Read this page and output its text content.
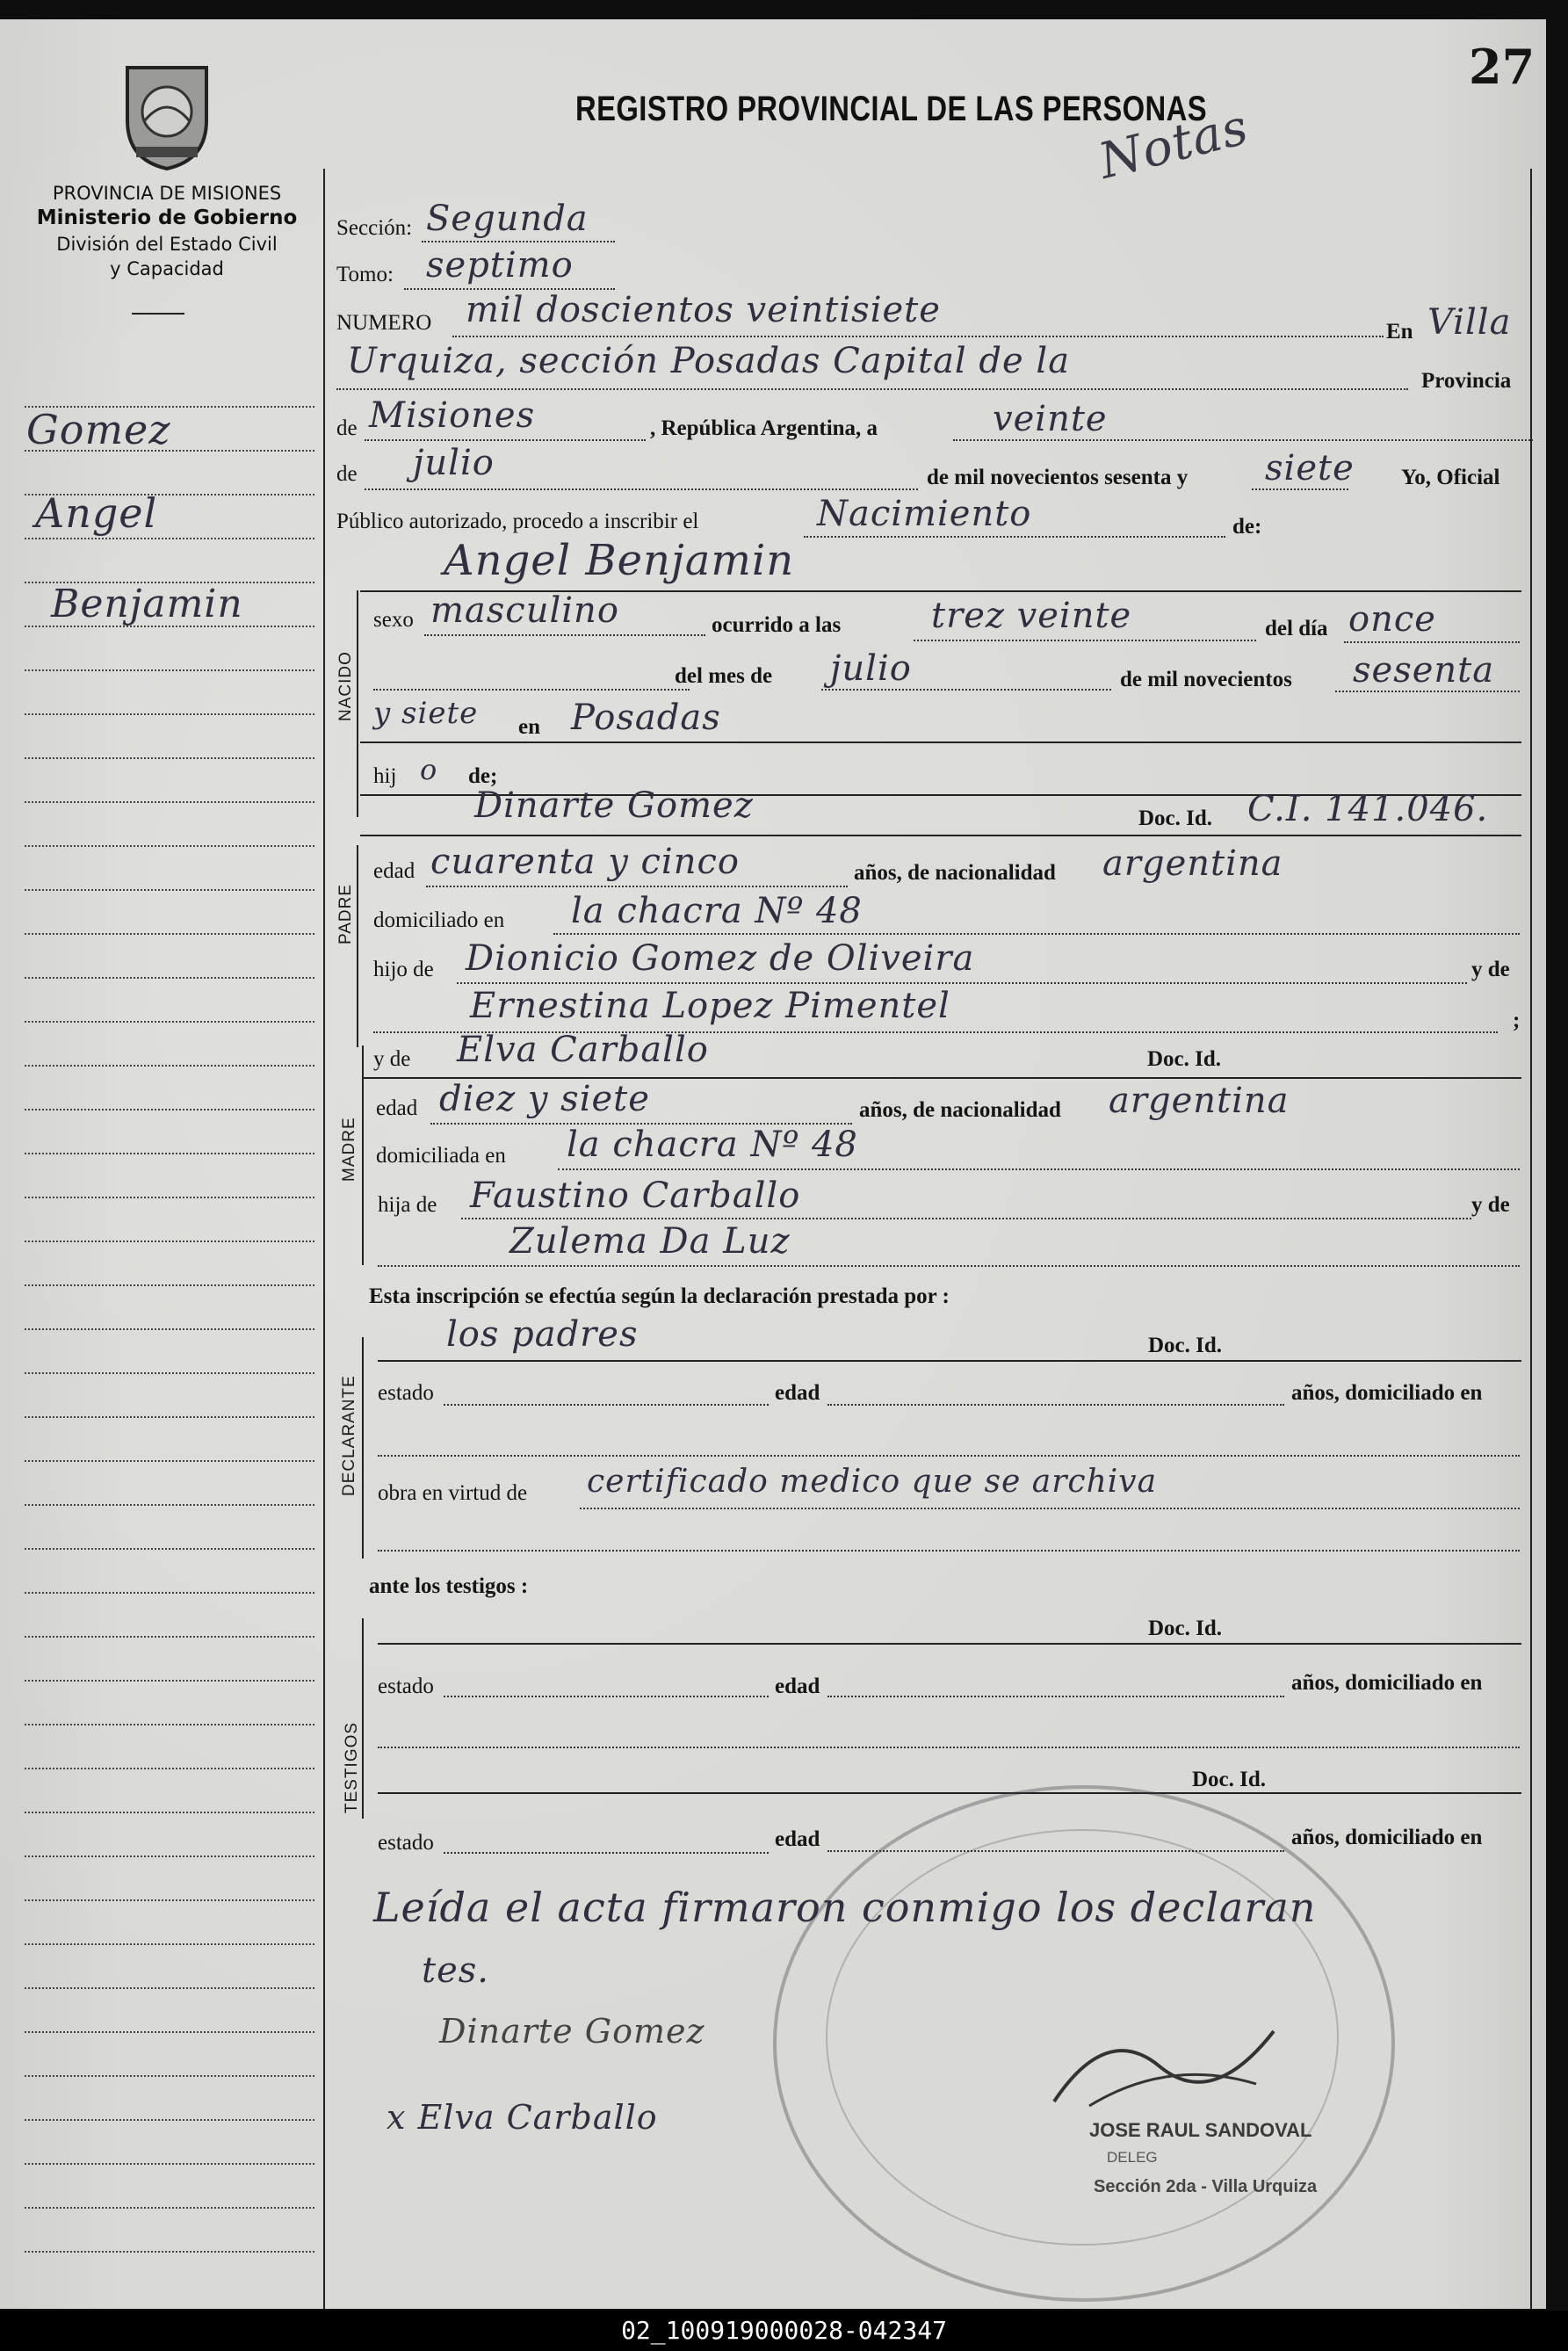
PROVINCIA DE MISIONES
Ministerio de Gobierno
División del Estado Civil
y Capacidad
Gomez
Angel
Benjamin
REGISTRO PROVINCIAL DE LAS PERSONAS
27
Notas
Sección: Segunda
Tomo: septimo
NUMERO mil doscientos veintisiete
En Villa
Urquiza, sección Posadas Capital de la	Provincia
de Misiones	, República Argentina, a	veinte
de julio	de mil novecientos sesenta y siete Yo, Oficial
Público autorizado, procedo a inscribir el	Nacimiento	de:
Angel Benjamin
NACIDO
sexo masculino	ocurrido a las	trez veinte	del día once
del mes de julio	de mil novecientos sesenta
y siete en Posadas
hij o de;
PADRE
Dinarte Gomez	Doc. Id. C.I. 141.046.
edad cuarenta y cinco	años, de nacionalidad argentina
domiciliado en la chacra Nº 48
hijo de Dionicio Gomez de Oliveira	y de
Ernestina Lopez Pimentel	;
MADRE
y de Elva Carballo	Doc. Id.
edad diez y siete	años, de nacionalidad argentina
domiciliada en la chacra Nº 48
hija de Faustino Carballo	y de
Zulema Da Luz
Esta inscripción se efectúa según la declaración prestada por :
DECLARANTE
los padres	Doc. Id.
estado	edad	años, domiciliado en
obra en virtud de certificado medico que se archiva
ante los testigos :
TESTIGOS
Doc. Id.
estado	edad	años, domiciliado en
Doc. Id.
estado	edad	años, domiciliado en
Leída el acta firmaron conmigo los declaran
tes.
Dinarte Gomez
x Elva Carballo	JOSE RAUL SANDOVAL
DELEG
Sección 2da - Villa Urquiza
02_100919000028-042347
